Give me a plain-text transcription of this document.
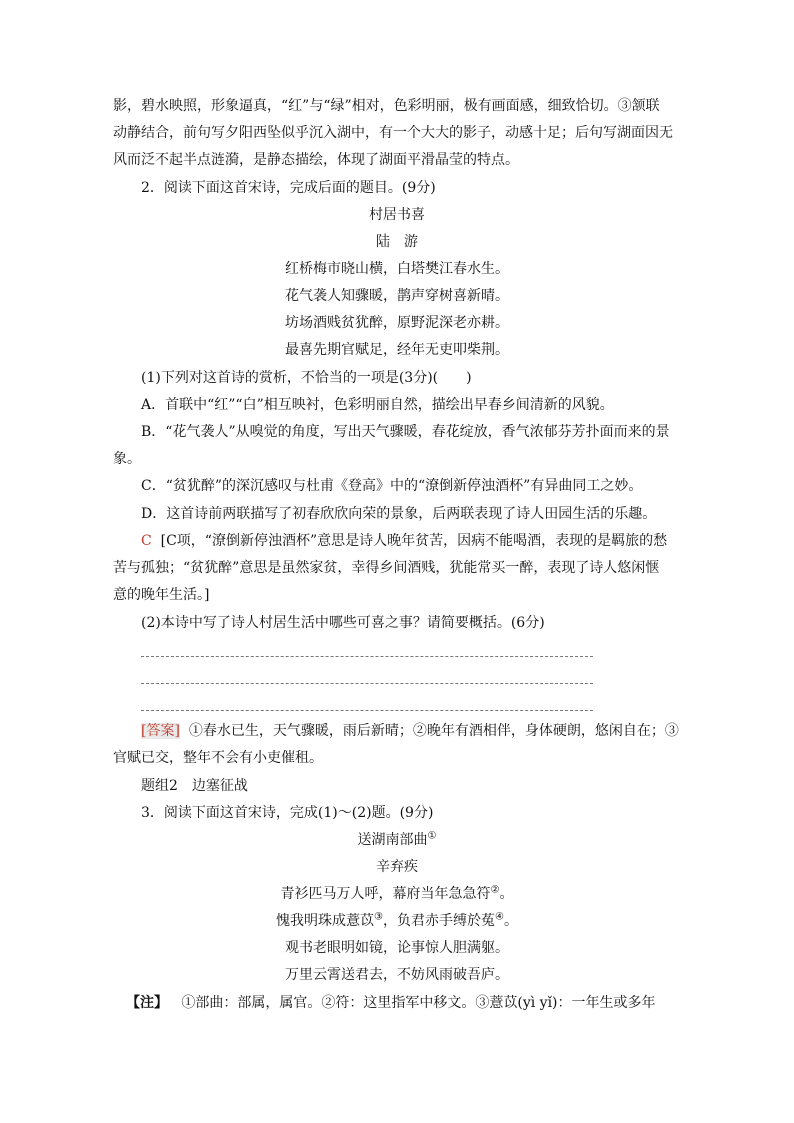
影，碧水映照，形象逼真，“红”与“绿”相对，色彩明丽，极有画面感，细致恰切。③颔联
动静结合，前句写夕阳西坠似乎沉入湖中，有一个大大的影子，动感十足；后句写湖面因无
风而泛不起半点涟漪，是静态描绘，体现了湖面平滑晶莹的特点。
2．阅读下面这首宋诗，完成后面的题目。(9分)
村居书喜
陆　游
红桥梅市晓山横，白塔樊江春水生。
花气袭人知骤暖，鹊声穿树喜新晴。
坊场酒贱贫犹醉，原野泥深老亦耕。
最喜先期官赋足，经年无吏叩柴荆。
(1)下列对这首诗的赏析，不恰当的一项是(3分)(　　)
A．首联中“红”“白”相互映衬，色彩明丽自然，描绘出早春乡间清新的风貌。
B．“花气袭人”从嗅觉的角度，写出天气骤暖，春花绽放，香气浓郁芬芳扑面而来的景
象。
C．“贫犹醉”的深沉感叹与杜甫《登高》中的“潦倒新停浊酒杯”有异曲同工之妙。
D．这首诗前两联描写了初春欣欣向荣的景象，后两联表现了诗人田园生活的乐趣。
C [C项，“潦倒新停浊酒杯”意思是诗人晚年贫苦，因病不能喝酒，表现的是羁旅的愁
苦与孤独；“贫犹醉”意思是虽然家贫，幸得乡间酒贱，犹能常买一醉，表现了诗人悠闲惬
意的晚年生活。]
(2)本诗中写了诗人村居生活中哪些可喜之事？请简要概括。(6分)
[答案] ①春水已生，天气骤暖，雨后新晴；②晚年有酒相伴，身体硬朗，悠闲自在；③
官赋已交，整年不会有小吏催租。
题组2　边塞征战
3．阅读下面这首宋诗，完成(1)～(2)题。(9分)
送湖南部曲①
辛弃疾
青衫匹马万人呼，幕府当年急急符②。
愧我明珠成薏苡③，负君赤手缚於菟④。
观书老眼明如镜，论事惊人胆满躯。
万里云霄送君去，不妨风雨破吾庐。
【注】 ①部曲：部属，属官。②符：这里指军中移文。③薏苡(yì yǐ)：一年生或多年
